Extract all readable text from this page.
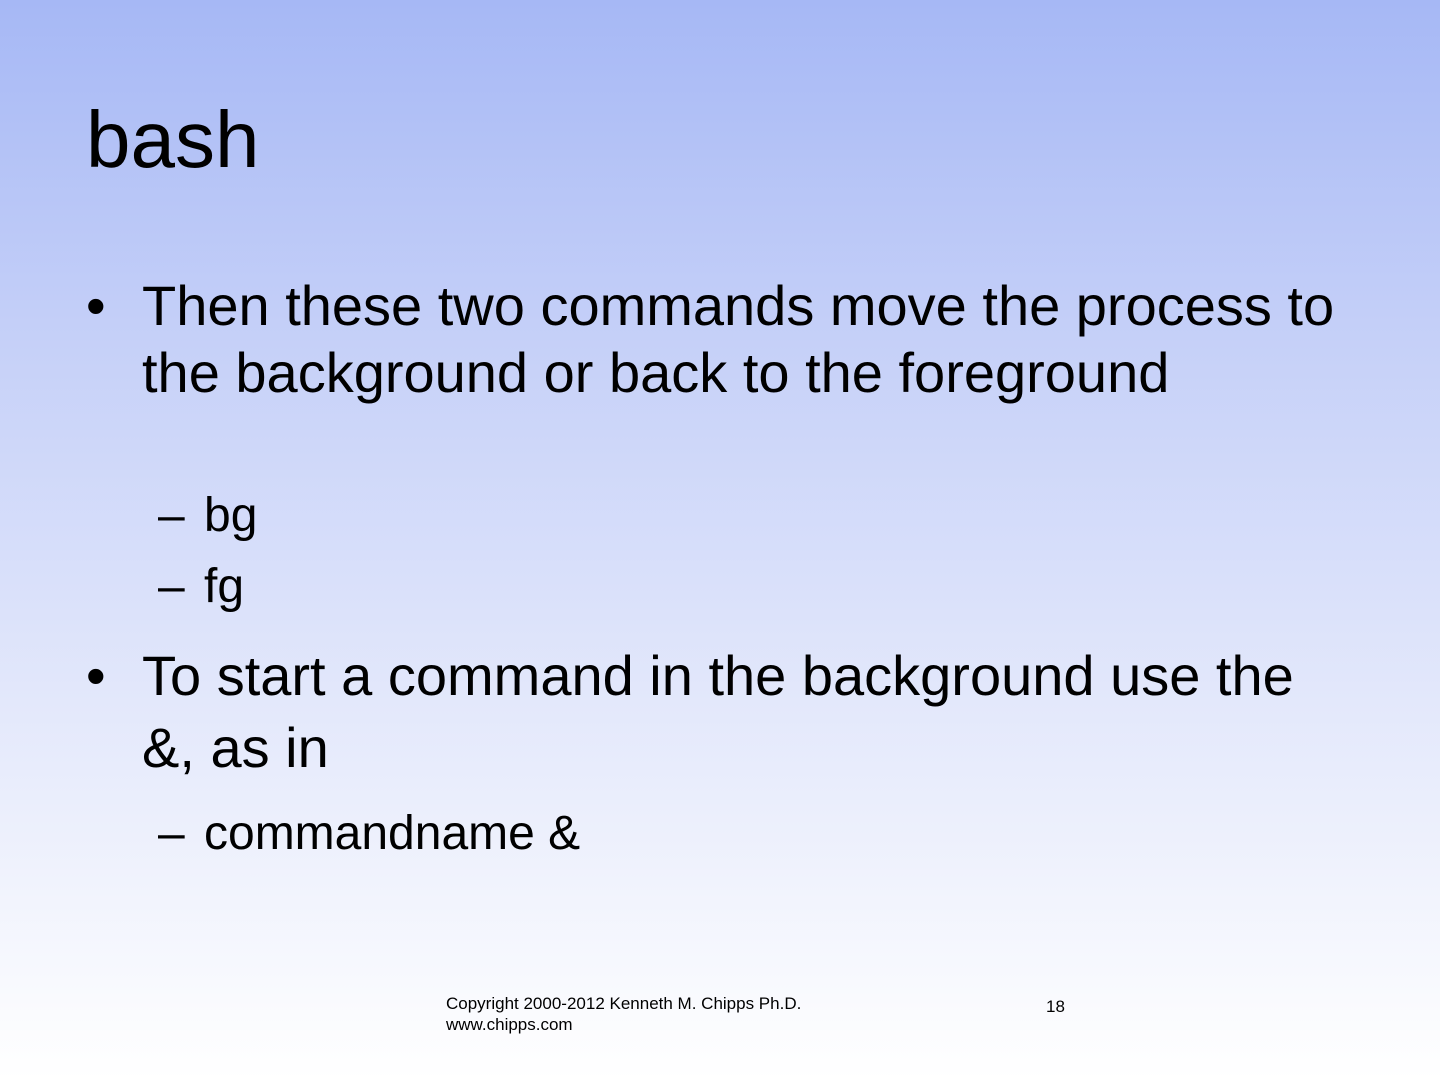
bash
• Then these two commands move the process to the background or back to the foreground
– bg
– fg
• To start a command in the background use the &, as in
– commandname &
Copyright 2000-2012 Kenneth M. Chipps Ph.D.
www.chipps.com
18
